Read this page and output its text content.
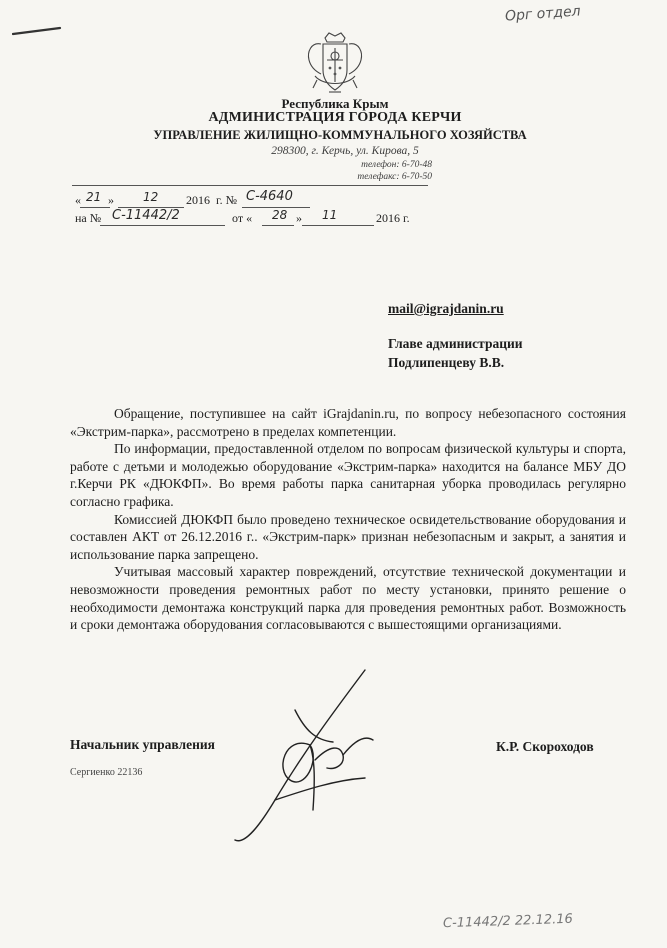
Орг отдел
Республика Крым
АДМИНИСТРАЦИЯ ГОРОДА КЕРЧИ
УПРАВЛЕНИЕ ЖИЛИЩНО-КОММУНАЛЬНОГО ХОЗЯЙСТВА
298300, г. Керчь, ул. Кирова, 5
телефон: 6-70-48
телефакс: 6-70-50
« 21 » 12 2016 г. № С-4640
на № С-11442/2	от « 28 » 11	2016 г.
mail@igrajdanin.ru
Главе администрации
Подлипенцеву В.В.

Обращение, поступившее на сайт iGrajdanin.ru, по вопросу небезопасного состояния «Экстрим-парка», рассмотрено в пределах компетенции.

По информации, предоставленной отделом по вопросам физической культуры и спорта, работе с детьми и молодежью оборудование «Экстрим-парка» находится на балансе МБУ ДО г.Керчи РК «ДЮКФП». Во время работы парка санитарная уборка проводилась регулярно согласно графика.

Комиссией ДЮКФП было проведено техническое освидетельствование оборудования и составлен АКТ от 26.12.2016 г.. «Экстрим-парк» признан небезопасным и закрыт, а занятия и использование парка запрещено.

Учитывая массовый характер повреждений, отсутствие технической документации и невозможности проведения ремонтных работ по месту установки, принято решение о необходимости демонтажа конструкций парка для проведения ремонтных работ. Возможность и сроки демонтажа оборудования согласовываются с вышестоящими организациями.

Начальник управления	К.Р. Скороходов
Сергиенко 22136
С-11442/2 22.12.16
